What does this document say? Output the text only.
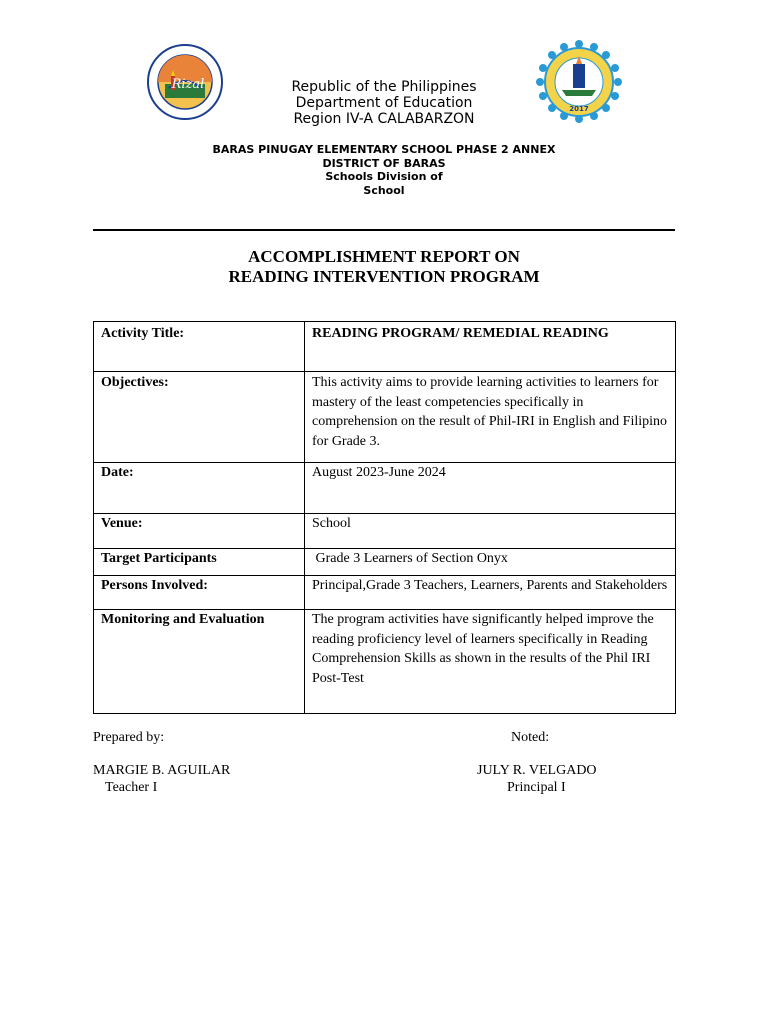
Rizal
2017
Republic of the Philippines
Department of Education
Region IV-A CALABARZON
BARAS PINUGAY ELEMENTARY SCHOOL PHASE 2 ANNEX
DISTRICT OF BARAS
Schools Division of
School
ACCOMPLISHMENT REPORT ON
READING INTERVENTION PROGRAM
Activity Title:	READING PROGRAM/ REMEDIAL READING
Objectives:	This activity aims to provide learning activities to learners for mastery of the least competencies specifically in comprehension on the result of Phil-IRI in English and Filipino for Grade 3.
Date:	August 2023-June 2024
Venue:	School
Target Participants	Grade 3 Learners of Section Onyx
Persons Involved:	Principal,Grade 3 Teachers, Learners, Parents and Stakeholders
Monitoring and Evaluation	The program activities have significantly helped improve the reading proficiency level of learners specifically in Reading Comprehension Skills as shown in the results of the Phil IRI Post-Test
Prepared by:	Noted:
MARGIE B. AGUILAR
Teacher I
JULY R. VELGADO
Principal I
